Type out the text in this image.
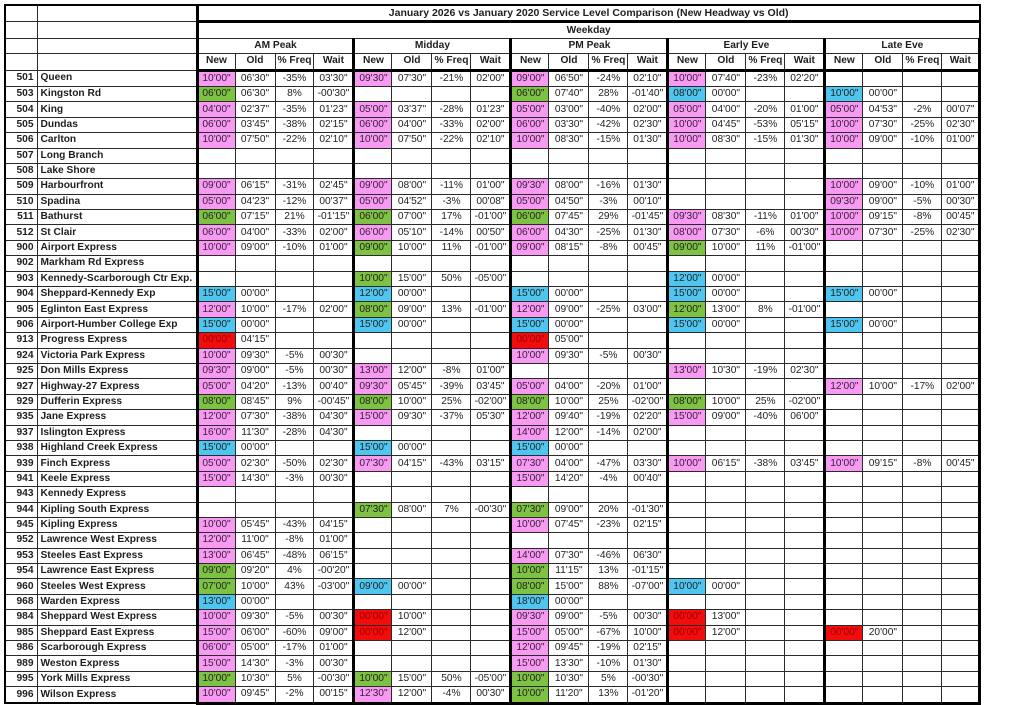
		January 2026 vs January 2020 Service Level Comparison (New Headway vs Old)																			
		Weekday																			
		AM Peak				Midday				PM Peak				Early Eve				Late Eve			
		New	Old	% Freq	Wait	New	Old	% Freq	Wait	New	Old	% Freq	Wait	New	Old	% Freq	Wait	New	Old	% Freq	Wait
501	Queen	10'00"	06'30"	-35%	03'30"	09'30"	07'30"	-21%	02'00"	09'00"	06'50"	-24%	02'10"	10'00"	07'40"	-23%	02'20"				
503	Kingston Rd	06'00"	06'30"	8%	-00'30"					06'00"	07'40"	28%	-01'40"	08'00"	00'00"			10'00"	00'00"		
504	King	04'00"	02'37"	-35%	01'23"	05'00"	03'37"	-28%	01'23"	05'00"	03'00"	-40%	02'00"	05'00"	04'00"	-20%	01'00"	05'00"	04'53"	-2%	00'07"
505	Dundas	06'00"	03'45"	-38%	02'15"	06'00"	04'00"	-33%	02'00"	06'00"	03'30"	-42%	02'30"	10'00"	04'45"	-53%	05'15"	10'00"	07'30"	-25%	02'30"
506	Carlton	10'00"	07'50"	-22%	02'10"	10'00"	07'50"	-22%	02'10"	10'00"	08'30"	-15%	01'30"	10'00"	08'30"	-15%	01'30"	10'00"	09'00"	-10%	01'00"
507	Long Branch																				
508	Lake Shore																				
509	Harbourfront	09'00"	06'15"	-31%	02'45"	09'00"	08'00"	-11%	01'00"	09'30"	08'00"	-16%	01'30"					10'00"	09'00"	-10%	01'00"
510	Spadina	05'00"	04'23"	-12%	00'37"	05'00"	04'52"	-3%	00'08"	05'00"	04'50"	-3%	00'10"					09'30"	09'00"	-5%	00'30"
511	Bathurst	06'00"	07'15"	21%	-01'15"	06'00"	07'00"	17%	-01'00"	06'00"	07'45"	29%	-01'45"	09'30"	08'30"	-11%	01'00"	10'00"	09'15"	-8%	00'45"
512	St Clair	06'00"	04'00"	-33%	02'00"	06'00"	05'10"	-14%	00'50"	06'00"	04'30"	-25%	01'30"	08'00"	07'30"	-6%	00'30"	10'00"	07'30"	-25%	02'30"
900	Airport Express	10'00"	09'00"	-10%	01'00"	09'00"	10'00"	11%	-01'00"	09'00"	08'15"	-8%	00'45"	09'00"	10'00"	11%	-01'00"				
902	Markham Rd Express																				
903	Kennedy-Scarborough Ctr Exp.					10'00"	15'00"	50%	-05'00"					12'00"	00'00"						
904	Sheppard-Kennedy Exp	15'00"	00'00"			12'00"	00'00"			15'00"	00'00"			15'00"	00'00"			15'00"	00'00"		
905	Eglinton East Express	12'00"	10'00"	-17%	02'00"	08'00"	09'00"	13%	-01'00"	12'00"	09'00"	-25%	03'00"	12'00"	13'00"	8%	-01'00"				
906	Airport-Humber College Exp	15'00"	00'00"			15'00"	00'00"			15'00"	00'00"			15'00"	00'00"			15'00"	00'00"		
913	Progress Express	00'00"	04'15"							00'00"	05'00"										
924	Victoria Park Express	10'00"	09'30"	-5%	00'30"					10'00"	09'30"	-5%	00'30"								
925	Don Mills Express	09'30"	09'00"	-5%	00'30"	13'00"	12'00"	-8%	01'00"					13'00"	10'30"	-19%	02'30"				
927	Highway-27 Express	05'00"	04'20"	-13%	00'40"	09'30"	05'45"	-39%	03'45"	05'00"	04'00"	-20%	01'00"					12'00"	10'00"	-17%	02'00"
929	Dufferin Express	08'00"	08'45"	9%	-00'45"	08'00"	10'00"	25%	-02'00"	08'00"	10'00"	25%	-02'00"	08'00"	10'00"	25%	-02'00"				
935	Jane Express	12'00"	07'30"	-38%	04'30"	15'00"	09'30"	-37%	05'30"	12'00"	09'40"	-19%	02'20"	15'00"	09'00"	-40%	06'00"				
937	Islington Express	16'00"	11'30"	-28%	04'30"					14'00"	12'00"	-14%	02'00"								
938	Highland Creek Express	15'00"	00'00"			15'00"	00'00"			15'00"	00'00"										
939	Finch Express	05'00"	02'30"	-50%	02'30"	07'30"	04'15"	-43%	03'15"	07'30"	04'00"	-47%	03'30"	10'00"	06'15"	-38%	03'45"	10'00"	09'15"	-8%	00'45"
941	Keele Express	15'00"	14'30"	-3%	00'30"					15'00"	14'20"	-4%	00'40"								
943	Kennedy Express																				
944	Kipling South Express					07'30"	08'00"	7%	-00'30"	07'30"	09'00"	20%	-01'30"								
945	Kipling Express	10'00"	05'45"	-43%	04'15"					10'00"	07'45"	-23%	02'15"								
952	Lawrence West Express	12'00"	11'00"	-8%	01'00"																
953	Steeles East Express	13'00"	06'45"	-48%	06'15"					14'00"	07'30"	-46%	06'30"								
954	Lawrence East Express	09'00"	09'20"	4%	-00'20"					10'00"	11'15"	13%	-01'15"								
960	Steeles West Express	07'00"	10'00"	43%	-03'00"	09'00"	00'00"			08'00"	15'00"	88%	-07'00"	10'00"	00'00"						
968	Warden Express	13'00"	00'00"							18'00"	00'00"										
984	Sheppard West Express	10'00"	09'30"	-5%	00'30"	00'00"	10'00"			09'30"	09'00"	-5%	00'30"	00'00"	13'00"						
985	Sheppard East Express	15'00"	06'00"	-60%	09'00"	00'00"	12'00"			15'00"	05'00"	-67%	10'00"	00'00"	12'00"			00'00"	20'00"		
986	Scarborough Express	06'00"	05'00"	-17%	01'00"					12'00"	09'45"	-19%	02'15"								
989	Weston Express	15'00"	14'30"	-3%	00'30"					15'00"	13'30"	-10%	01'30"								
995	York Mills Express	10'00"	10'30"	5%	-00'30"	10'00"	15'00"	50%	-05'00"	10'00"	10'30"	5%	-00'30"								
996	Wilson Express	10'00"	09'45"	-2%	00'15"	12'30"	12'00"	-4%	00'30"	10'00"	11'20"	13%	-01'20"								
